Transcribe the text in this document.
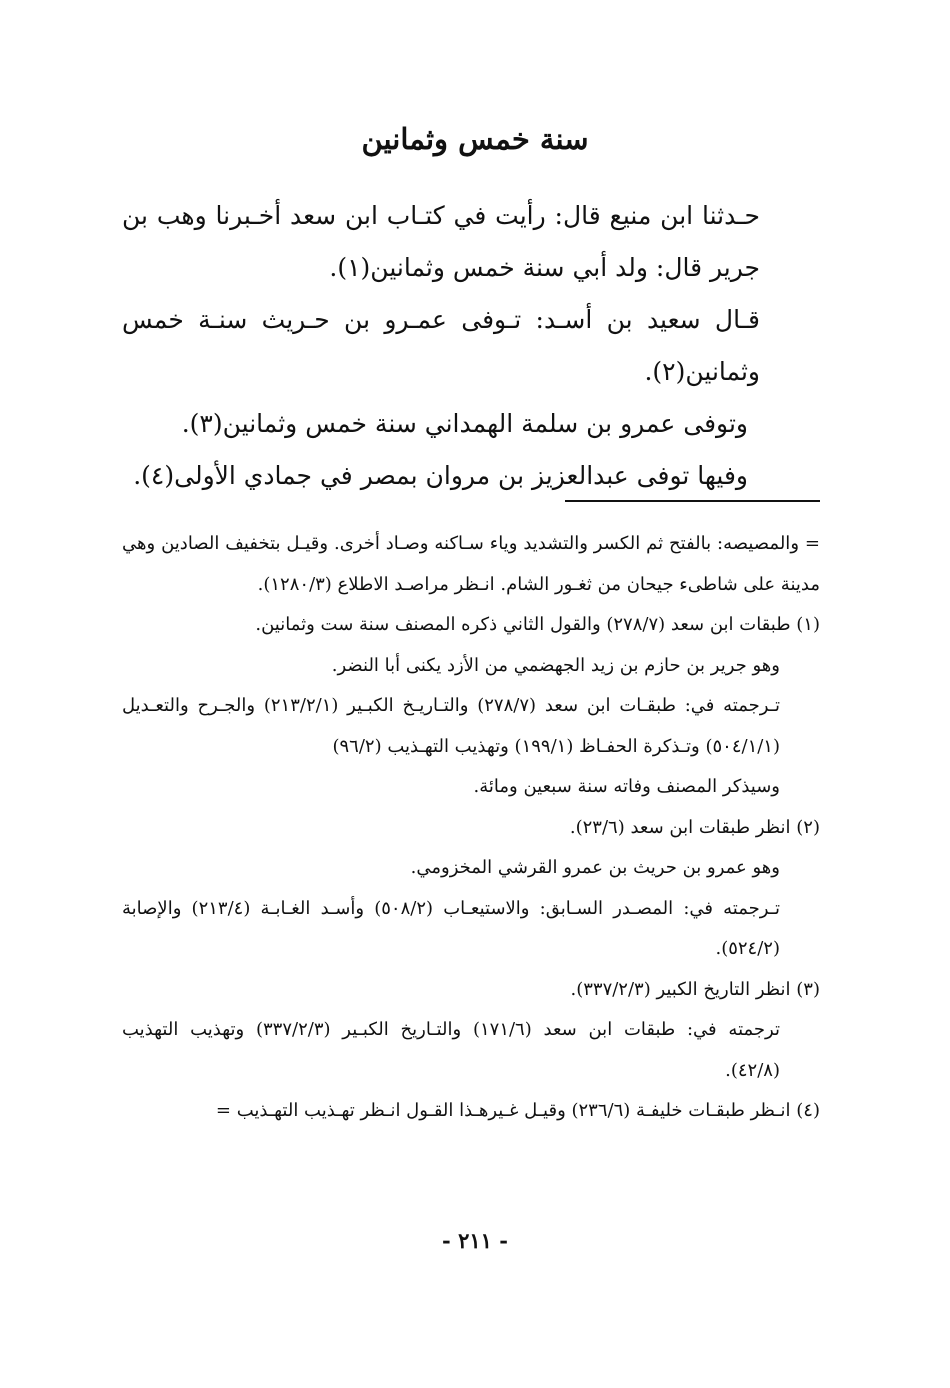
سنة خمس وثمانين

حـدثنا ابن منيع قال: رأيت في كتـاب ابن سعد أخـبرنا وهب بن جرير قال: ولد أبي سنة خمس وثمانين(١).

قـال سعيد بن أسـد: تـوفى عمـرو بن حـريث سنـة خمس وثمانين(٢).

وتوفى عمرو بن سلمة الهمداني سنة خمس وثمانين(٣).

وفيها توفى عبدالعزيز بن مروان بمصر في جمادي الأولى(٤).

= والمصيصه: بالفتح ثم الكسر والتشديد وياء سـاكنه وصـاد أخرى. وقيـل بتخفيف الصادين وهي مدينة على شاطىء جيحان من ثغـور الشام. انـظر مراصـد الاطلاع (١٢٨٠/٣).

(١) طبقات ابن سعد (٢٧٨/٧) والقول الثاني ذكره المصنف سنة ست وثمانين.

وهو جرير بن حازم بن زيد الجهضمي من الأزد يكنى أبا النضر.

تـرجمته في: طبقـات ابن سعد (٢٧٨/٧) والتـاريـخ الكبـير (٢١٣/٢/١) والجـرح والتعـديل (٥٠٤/١/١) وتـذكرة الحفـاظ (١٩٩/١) وتهذيب التهـذيب (٩٦/٢)

وسيذكر المصنف وفاته سنة سبعين ومائة.

(٢) انظر طبقات ابن سعد (٢٣/٦).

وهو عمرو بن حريث بن عمرو القرشي المخزومي.

تـرجمته في: المصـدر السـابق: والاستيعـاب (٥٠٨/٢) وأسـد الغـابـة (٢١٣/٤) والإصابة (٥٢٤/٢).

(٣) انظر التاريخ الكبير (٣٣٧/٢/٣).

ترجمته في: طبقات ابن سعد (١٧١/٦) والتـاريخ الكبـير (٣٣٧/٢/٣) وتهذيب التهذيب (٤٢/٨).

(٤) انـظر طبقـات خليفـة (٢٣٦/٦) وقيـل غـيرهـذا القـول انـظر تهـذيب التهـذيب =

- ٢١١ -
